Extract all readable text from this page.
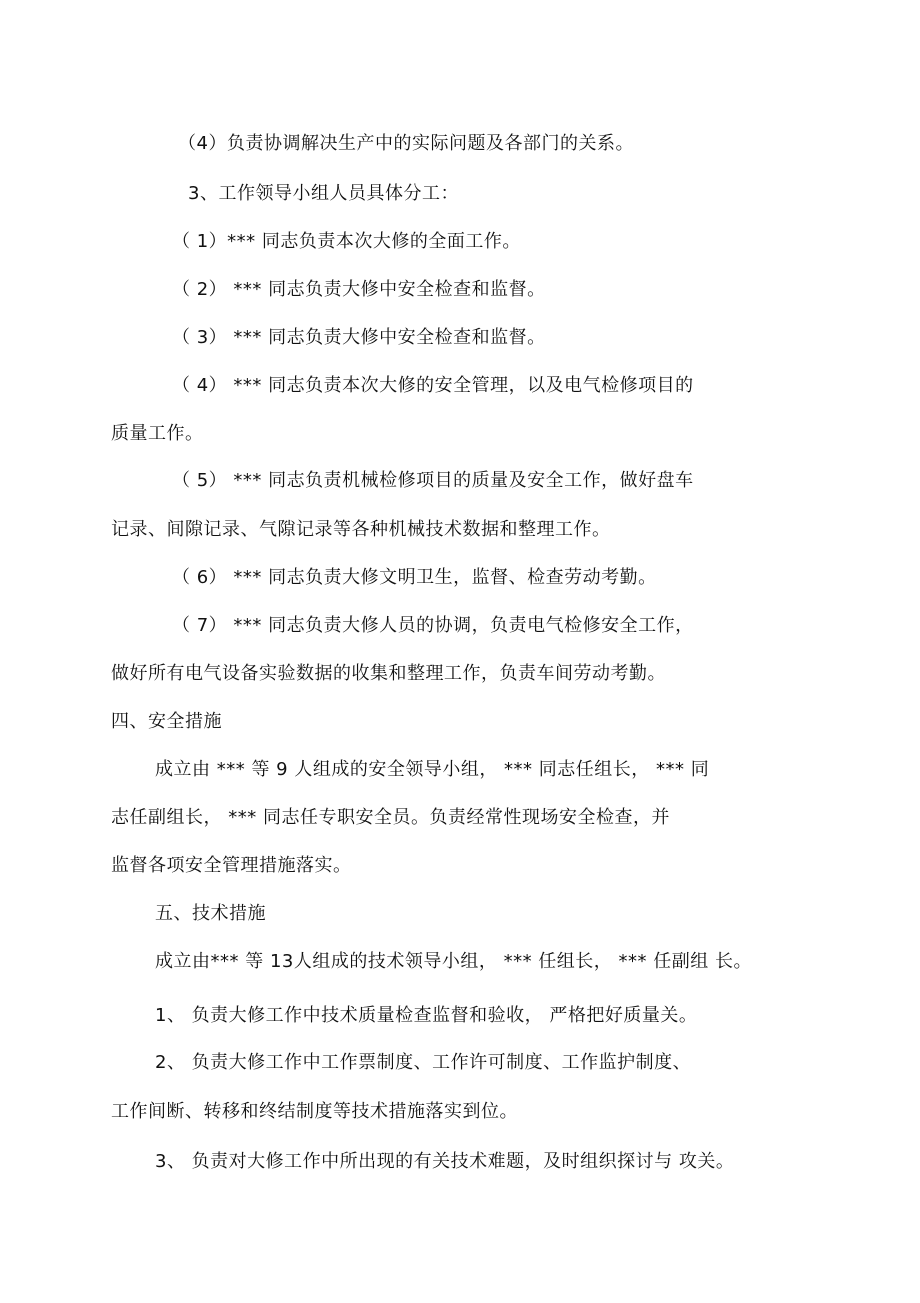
（4）负责协调解决生产中的实际问题及各部门的关系。
3、工作领导小组人员具体分工：
（ 1）*** 同志负责本次大修的全面工作。
（ 2） *** 同志负责大修中安全检查和监督。
（ 3） *** 同志负责大修中安全检查和监督。
（ 4） *** 同志负责本次大修的安全管理，以及电气检修项目的
质量工作。
（ 5） *** 同志负责机械检修项目的质量及安全工作，做好盘车
记录、间隙记录、气隙记录等各种机械技术数据和整理工作。
（ 6） *** 同志负责大修文明卫生，监督、检查劳动考勤。
（ 7） *** 同志负责大修人员的协调，负责电气检修安全工作，
做好所有电气设备实验数据的收集和整理工作，负责车间劳动考勤。
四、安全措施
成立由 *** 等 9 人组成的安全领导小组， *** 同志任组长， *** 同
志任副组长， *** 同志任专职安全员。负责经常性现场安全检查，并
监督各项安全管理措施落实。
五、技术措施
成立由*** 等 13人组成的技术领导小组， *** 任组长， *** 任副组 长。
1、 负责大修工作中技术质量检查监督和验收， 严格把好质量关。
2、 负责大修工作中工作票制度、工作许可制度、工作监护制度、
工作间断、转移和终结制度等技术措施落实到位。
3、 负责对大修工作中所出现的有关技术难题，及时组织探讨与 攻关。
